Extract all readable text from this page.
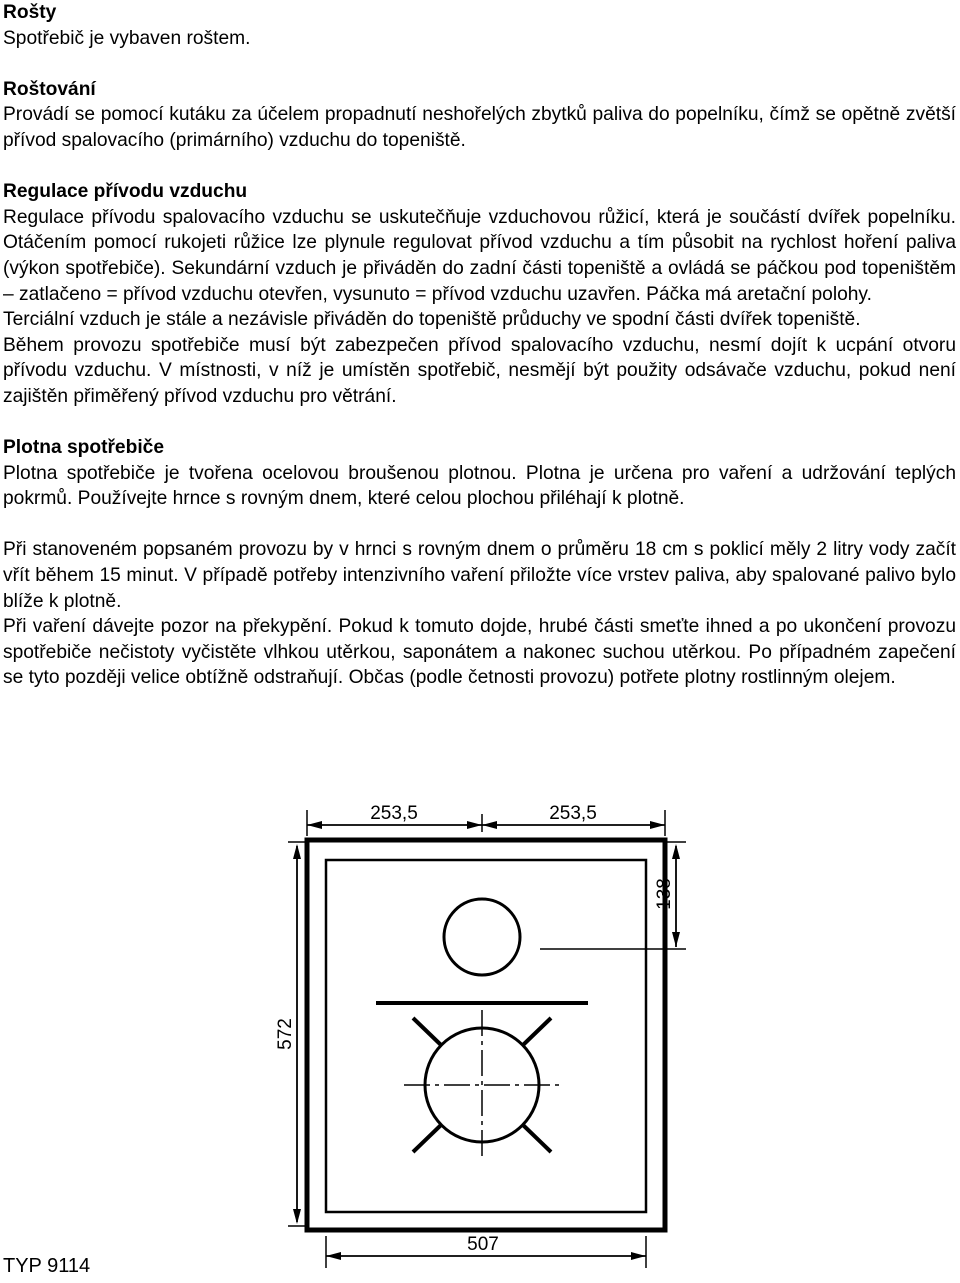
Rošty

Spotřebič je vybaven roštem.

Roštování

Provádí se pomocí kutáku za účelem propadnutí neshořelých zbytků paliva do popelníku, čímž se opětně zvětší přívod spalovacího (primárního) vzduchu do topeniště.

Regulace přívodu vzduchu

Regulace přívodu spalovacího vzduchu se uskutečňuje vzduchovou růžicí, která je součástí dvířek popelníku. Otáčením pomocí rukojeti růžice lze plynule regulovat přívod vzduchu a tím působit na rychlost hoření paliva (výkon spotřebiče). Sekundární vzduch je přiváděn do zadní části topeniště a ovládá se páčkou pod topeništěm – zatlačeno = přívod vzduchu otevřen, vysunuto = přívod vzduchu uzavřen. Páčka má aretační polohy.

Terciální vzduch je stále a nezávisle přiváděn do topeniště průduchy ve spodní části dvířek topeniště.

Během provozu spotřebiče musí být zabezpečen přívod spalovacího vzduchu, nesmí dojít k ucpání otvoru přívodu vzduchu. V místnosti, v níž je umístěn spotřebič, nesmějí být použity odsávače vzduchu, pokud není zajištěn přiměřený přívod vzduchu pro větrání.

Plotna spotřebiče

Plotna spotřebiče je tvořena ocelovou broušenou plotnou. Plotna je určena pro vaření a udržování teplých pokrmů. Používejte hrnce s rovným dnem, které celou plochou přiléhají k plotně.

Při stanoveném popsaném provozu by v hrnci s rovným dnem o průměru 18 cm s poklicí měly 2 litry vody začít vřít během 15 minut. V případě potřeby intenzivního vaření přiložte více vrstev paliva, aby spalované palivo bylo blíže k plotně.

Při vaření dávejte pozor na překypění. Pokud k tomuto dojde, hrubé části smeťte ihned a po ukončení provozu spotřebiče nečistoty vyčistěte vlhkou utěrkou, saponátem a nakonec suchou utěrkou. Po případném zapečení se tyto později velice obtížně odstraňují. Občas (podle četnosti provozu) potřete plotny rostlinným olejem.

253,5	253,5
507
572
138
TYP 9114
